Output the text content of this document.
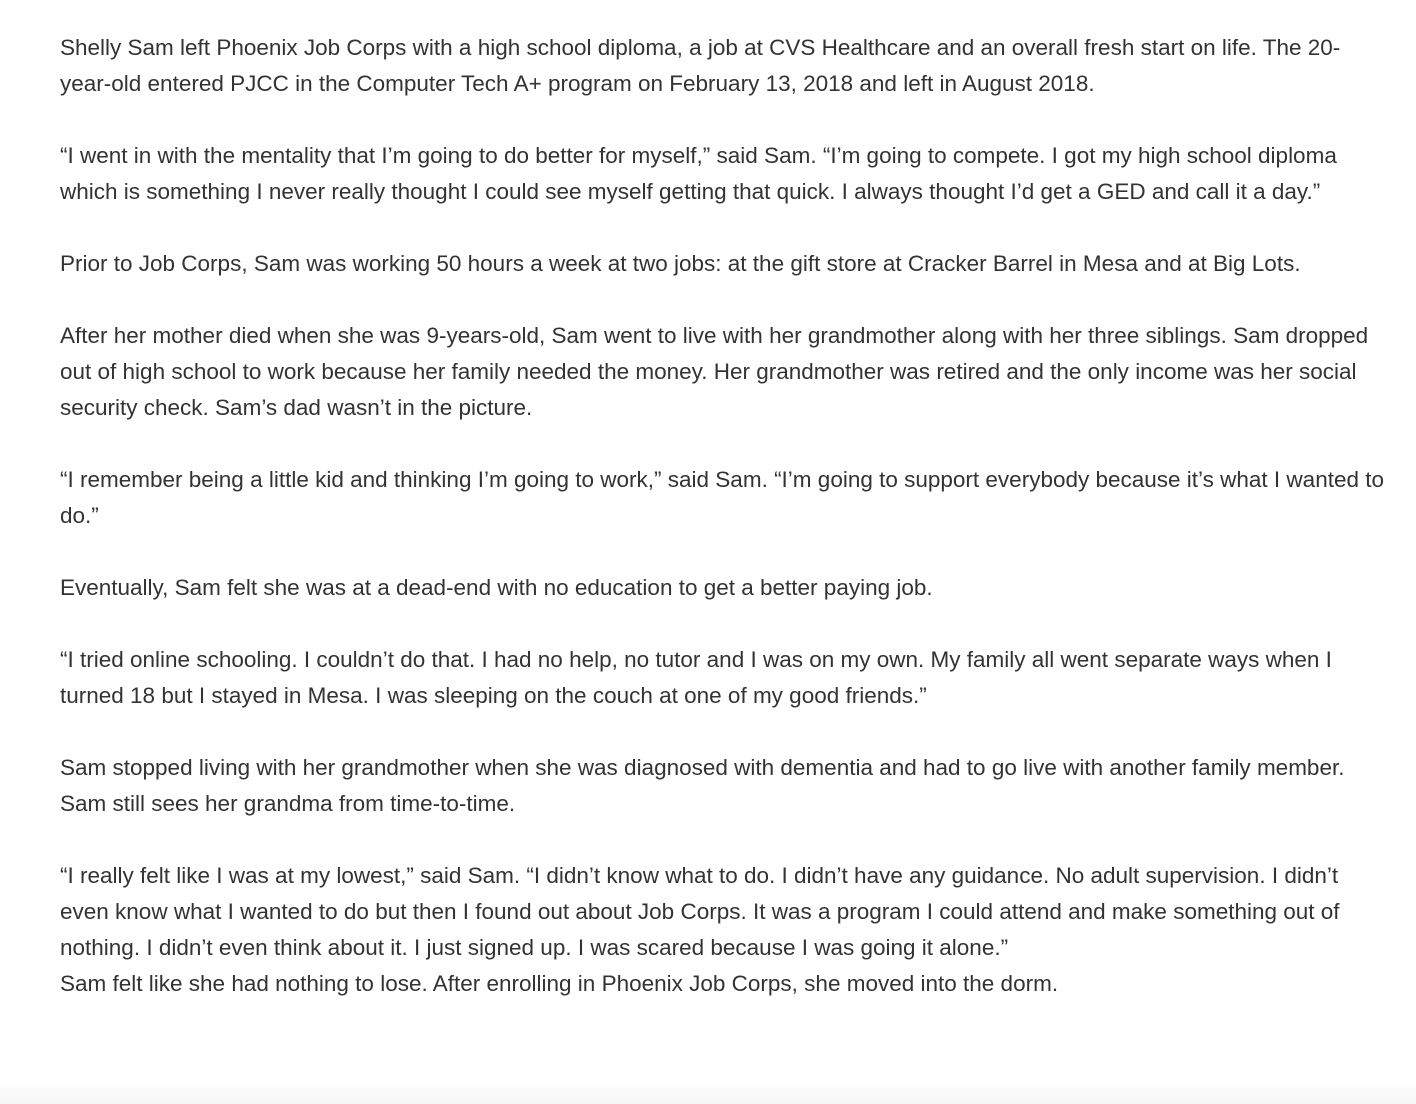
Shelly Sam left Phoenix Job Corps with a high school diploma, a job at CVS Healthcare and an overall fresh start on life. The 20-year-old entered PJCC in the Computer Tech A+ program on February 13, 2018 and left in August 2018.

“I went in with the mentality that I’m going to do better for myself,” said Sam. “I’m going to compete. I got my high school diploma which is something I never really thought I could see myself getting that quick. I always thought I’d get a GED and call it a day.”

Prior to Job Corps, Sam was working 50 hours a week at two jobs: at the gift store at Cracker Barrel in Mesa and at Big Lots.

After her mother died when she was 9-years-old, Sam went to live with her grandmother along with her three siblings. Sam dropped out of high school to work because her family needed the money. Her grandmother was retired and the only income was her social security check. Sam’s dad wasn’t in the picture.

“I remember being a little kid and thinking I’m going to work,” said Sam. “I’m going to support everybody because it’s what I wanted to do.”

Eventually, Sam felt she was at a dead-end with no education to get a better paying job.

“I tried online schooling. I couldn’t do that. I had no help, no tutor and I was on my own. My family all went separate ways when I turned 18 but I stayed in Mesa. I was sleeping on the couch at one of my good friends.”

Sam stopped living with her grandmother when she was diagnosed with dementia and had to go live with another family member. Sam still sees her grandma from time-to-time.

“I really felt like I was at my lowest,” said Sam. “I didn’t know what to do. I didn’t have any guidance. No adult supervision. I didn’t even know what I wanted to do but then I found out about Job Corps. It was a program I could attend and make something out of nothing. I didn’t even think about it. I just signed up. I was scared because I was going it alone.”

Sam felt like she had nothing to lose. After enrolling in Phoenix Job Corps, she moved into the dorm.
